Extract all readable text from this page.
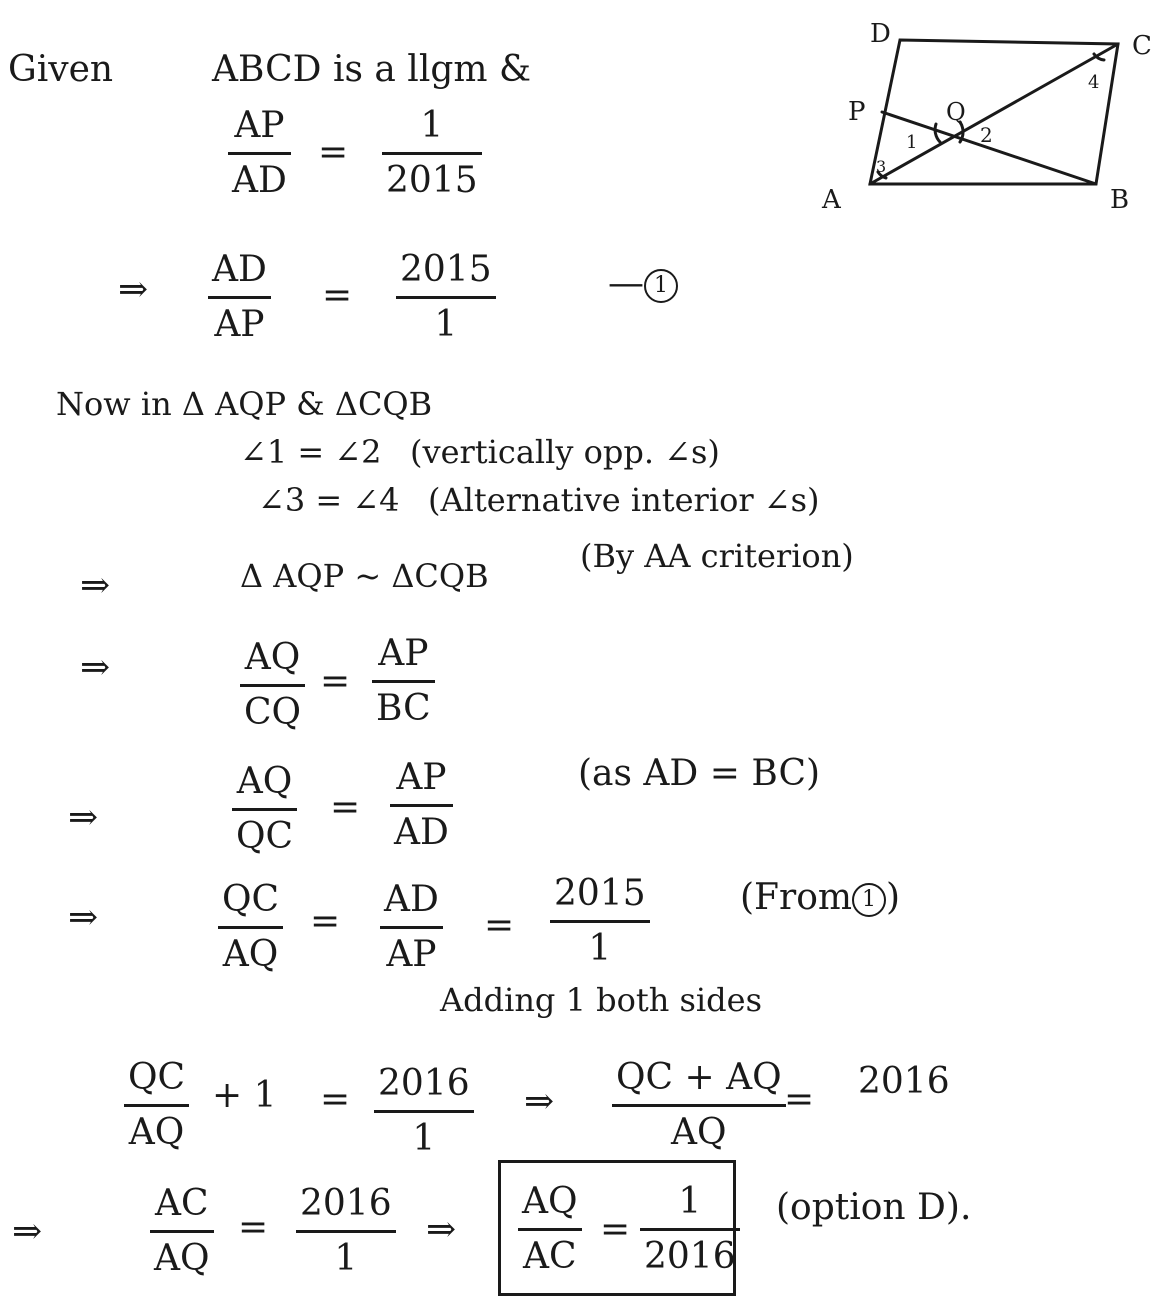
Given	ABCD is a llgm &
AP
AD
=
1
2015
⇒ AD
AP
=
2015
1
— 1
Now in Δ AQP & ΔCQB
∠1 = ∠2 (vertically opp. ∠s)
∠3 = ∠4 (Alternative interior ∠s)
⇒	Δ AQP ~ ΔCQB
(By AA criterion)
⇒	AQ
CQ
=
AP
BC
⇒
AQ
QC
=
AP
AD
(as AD = BC)
⇒	QC
AQ
=
AD
AP
=
2015
1
(From 1 )
Adding 1 both sides
QC
AQ
+ 1 = 2016
1
⇒
QC + AQ
AQ
= 2016
⇒
AC
AQ
=
2016
1
⇒
AQ
AC
=
1
2016
(option D).
D	C
P	Q
A	B
1	2
3
4
